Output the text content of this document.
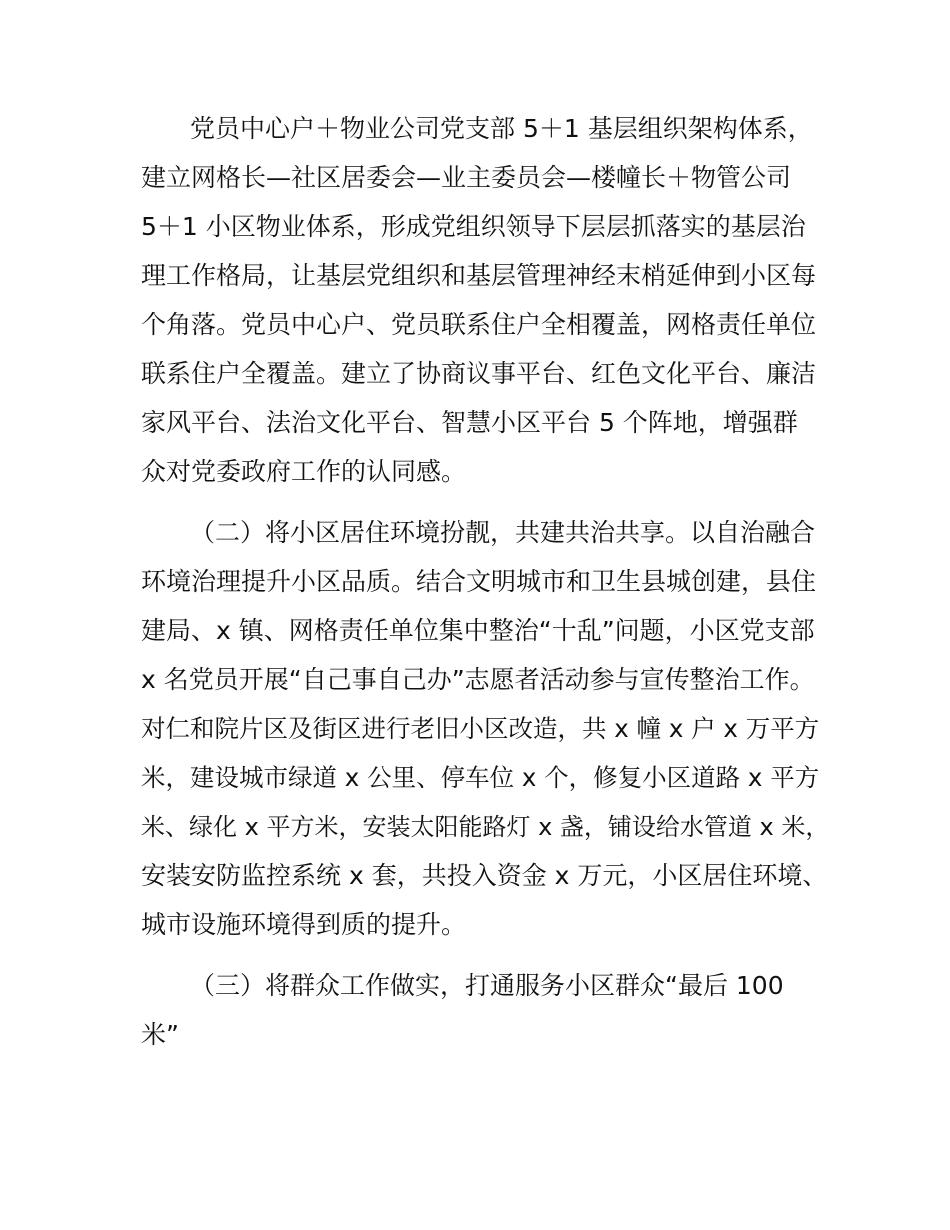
党员中心户＋物业公司党支部 5＋1 基层组织架构体系，
建立网格长—社区居委会—业主委员会—楼幢长＋物管公司
5＋1 小区物业体系，形成党组织领导下层层抓落实的基层治
理工作格局，让基层党组织和基层管理神经末梢延伸到小区每
个角落。党员中心户、党员联系住户全相覆盖，网格责任单位
联系住户全覆盖。建立了协商议事平台、红色文化平台、廉洁
家风平台、法治文化平台、智慧小区平台 5 个阵地，增强群
众对党委政府工作的认同感。
（二）将小区居住环境扮靓，共建共治共享。以自治融合
环境治理提升小区品质。结合文明城市和卫生县城创建，县住
建局、x 镇、网格责任单位集中整治“十乱”问题，小区党支部
x 名党员开展“自己事自己办”志愿者活动参与宣传整治工作。
对仁和院片区及街区进行老旧小区改造，共 x 幢 x 户 x 万平方
米，建设城市绿道 x 公里、停车位 x 个，修复小区道路 x 平方
米、绿化 x 平方米，安装太阳能路灯 x 盏，铺设给水管道 x 米，
安装安防监控系统 x 套，共投入资金 x 万元，小区居住环境、
城市设施环境得到质的提升。
（三）将群众工作做实，打通服务小区群众“最后 100
米”
